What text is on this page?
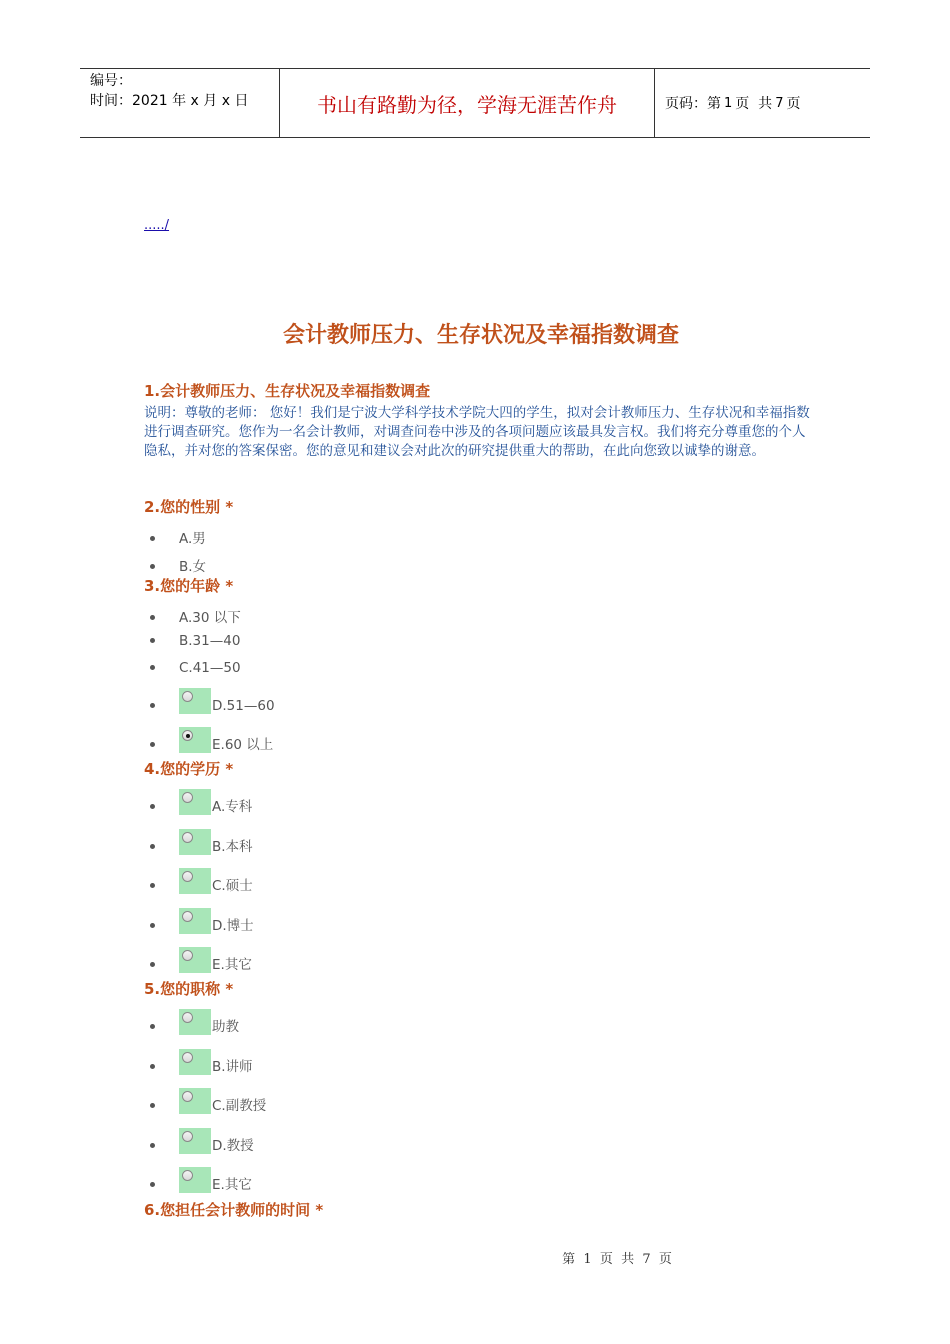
编号：
时间：2021 年 x 月 x 日	书山有路勤为径，学海无涯苦作舟	页码：第 1 页  共 7 页
...../
会计教师压力、生存状况及幸福指数调查
1.会计教师压力、生存状况及幸福指数调查
说明：尊敬的老师： 您好！我们是宁波大学科学技术学院大四的学生，拟对会计教师压力、生存状况和幸福指数进行调查研究。您作为一名会计教师，对调查问卷中涉及的各项问题应该最具发言权。我们将充分尊重您的个人隐私，并对您的答案保密。您的意见和建议会对此次的研究提供重大的帮助，在此向您致以诚挚的谢意。
2.您的性别 *
A.男
B.女
3.您的年龄 *
A.30 以下
B.31—40
C.41—50
D.51—60
E.60 以上
4.您的学历 *
A.专科
B.本科
C.硕士
D.博士
E.其它
5.您的职称 *
助教
B.讲师
C.副教授
D.教授
E.其它
6.您担任会计教师的时间 *
第  1  页  共  7  页
